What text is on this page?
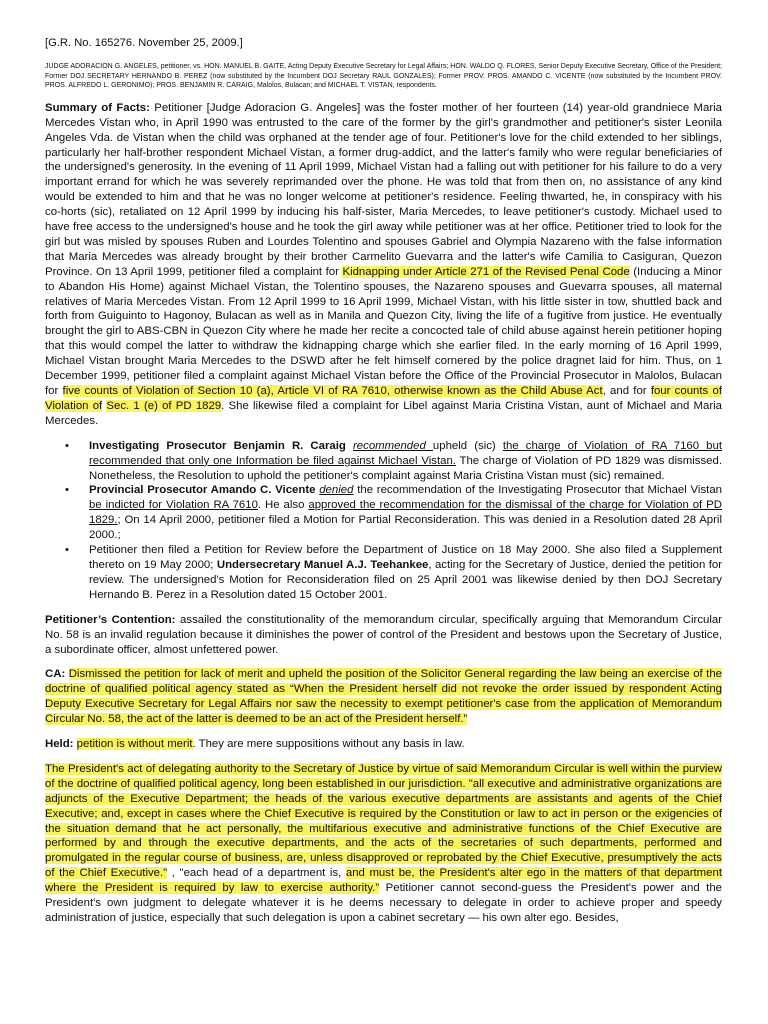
[G.R. No. 165276. November 25, 2009.]

JUDGE ADORACION G. ANGELES, petitioner, vs. HON. MANUEL B. GAITE, Acting Deputy Executive Secretary for Legal Affairs; HON. WALDO Q. FLORES, Senior Deputy Executive Secretary, Office of the President; Former DOJ SECRETARY HERNANDO B. PEREZ (now substituted by the Incumbent DOJ Secretary RAUL GONZALES); Former PROV. PROS. AMANDO C. VICENTE (now substituted by the Incumbent PROV. PROS. ALFREDO L. GERONIMO); PROS. BENJAMIN R. CARAIG, Malolos, Bulacan; and MICHAEL T. VISTAN, respondents.

Summary of Facts: Petitioner [Judge Adoracion G. Angeles] was the foster mother of her fourteen (14) year-old grandniece Maria Mercedes Vistan who, in April 1990 was entrusted to the care of the former by the girl's grandmother and petitioner's sister Leonila Angeles Vda. de Vistan when the child was orphaned at the tender age of four. Petitioner's love for the child extended to her siblings, particularly her half-brother respondent Michael Vistan, a former drug-addict, and the latter's family who were regular beneficiaries of the undersigned's generosity. In the evening of 11 April 1999, Michael Vistan had a falling out with petitioner for his failure to do a very important errand for which he was severely reprimanded over the phone. He was told that from then on, no assistance of any kind would be extended to him and that he was no longer welcome at petitioner's residence. Feeling thwarted, he, in conspiracy with his co-horts (sic), retaliated on 12 April 1999 by inducing his half-sister, Maria Mercedes, to leave petitioner's custody. Michael used to have free access to the undersigned's house and he took the girl away while petitioner was at her office. Petitioner tried to look for the girl but was misled by spouses Ruben and Lourdes Tolentino and spouses Gabriel and Olympia Nazareno with the false information that Maria Mercedes was already brought by their brother Carmelito Guevarra and the latter's wife Camilia to Casiguran, Quezon Province. On 13 April 1999, petitioner filed a complaint for Kidnapping under Article 271 of the Revised Penal Code (Inducing a Minor to Abandon His Home) against Michael Vistan, the Tolentino spouses, the Nazareno spouses and Guevarra spouses, all maternal relatives of Maria Mercedes Vistan. From 12 April 1999 to 16 April 1999, Michael Vistan, with his little sister in tow, shuttled back and forth from Guiguinto to Hagonoy, Bulacan as well as in Manila and Quezon City, living the life of a fugitive from justice. He eventually brought the girl to ABS-CBN in Quezon City where he made her recite a concocted tale of child abuse against herein petitioner hoping that this would compel the latter to withdraw the kidnapping charge which she earlier filed. In the early morning of 16 April 1999, Michael Vistan brought Maria Mercedes to the DSWD after he felt himself cornered by the police dragnet laid for him. Thus, on 1 December 1999, petitioner filed a complaint against Michael Vistan before the Office of the Provincial Prosecutor in Malolos, Bulacan for five counts of Violation of Section 10 (a), Article VI of RA 7610, otherwise known as the Child Abuse Act, and for four counts of Violation of Sec. 1 (e) of PD 1829. She likewise filed a complaint for Libel against Maria Cristina Vistan, aunt of Michael and Maria Mercedes.

• Investigating Prosecutor Benjamin R. Caraig recommended upheld (sic) the charge of Violation of RA 7160 but recommended that only one Information be filed against Michael Vistan. The charge of Violation of PD 1829 was dismissed. Nonetheless, the Resolution to uphold the petitioner's complaint against Maria Cristina Vistan must (sic) remained.
• Provincial Prosecutor Amando C. Vicente denied the recommendation of the Investigating Prosecutor that Michael Vistan be indicted for Violation RA 7610. He also approved the recommendation for the dismissal of the charge for Violation of PD 1829.; On 14 April 2000, petitioner filed a Motion for Partial Reconsideration. This was denied in a Resolution dated 28 April 2000.;
• Petitioner then filed a Petition for Review before the Department of Justice on 18 May 2000. She also filed a Supplement thereto on 19 May 2000; Undersecretary Manuel A.J. Teehankee, acting for the Secretary of Justice, denied the petition for review. The undersigned's Motion for Reconsideration filed on 25 April 2001 was likewise denied by then DOJ Secretary Hernando B. Perez in a Resolution dated 15 October 2001.

Petitioner’s Contention: assailed the constitutionality of the memorandum circular, specifically arguing that Memorandum Circular No. 58 is an invalid regulation because it diminishes the power of control of the President and bestows upon the Secretary of Justice, a subordinate officer, almost unfettered power.

CA: Dismissed the petition for lack of merit and upheld the position of the Solicitor General regarding the law being an exercise of the doctrine of qualified political agency stated as “When the President herself did not revoke the order issued by respondent Acting Deputy Executive Secretary for Legal Affairs nor saw the necessity to exempt petitioner's case from the application of Memorandum Circular No. 58, the act of the latter is deemed to be an act of the President herself.”

Held: petition is without merit. They are mere suppositions without any basis in law.

The President's act of delegating authority to the Secretary of Justice by virtue of said Memorandum Circular is well within the purview of the doctrine of qualified political agency, long been established in our jurisdiction. "all executive and administrative organizations are adjuncts of the Executive Department; the heads of the various executive departments are assistants and agents of the Chief Executive; and, except in cases where the Chief Executive is required by the Constitution or law to act in person or the exigencies of the situation demand that he act personally, the multifarious executive and administrative functions of the Chief Executive are performed by and through the executive departments, and the acts of the secretaries of such departments, performed and promulgated in the regular course of business, are, unless disapproved or reprobated by the Chief Executive, presumptively the acts of the Chief Executive." , "each head of a department is, and must be, the President's alter ego in the matters of that department where the President is required by law to exercise authority.” Petitioner cannot second-guess the President's power and the President's own judgment to delegate whatever it is he deems necessary to delegate in order to achieve proper and speedy administration of justice, especially that such delegation is upon a cabinet secretary — his own alter ego. Besides,
